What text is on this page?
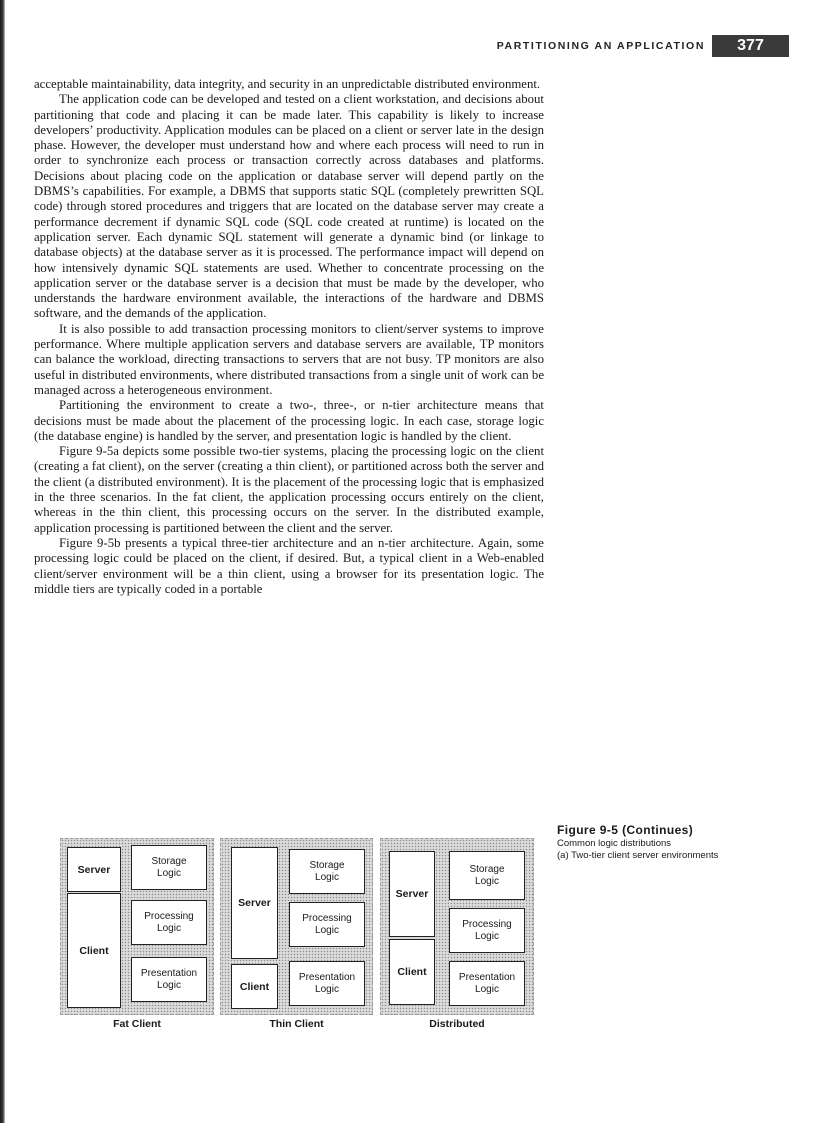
PARTITIONING AN APPLICATION	377

acceptable maintainability, data integrity, and security in an unpredictable distributed environment.

The application code can be developed and tested on a client workstation, and decisions about partitioning that code and placing it can be made later. This capability is likely to increase developers’ productivity. Application modules can be placed on a client or server late in the design phase. However, the developer must understand how and where each process will need to run in order to synchronize each process or transaction correctly across databases and platforms. Decisions about placing code on the application or database server will depend partly on the DBMS’s capabilities. For example, a DBMS that supports static SQL (completely prewritten SQL code) through stored procedures and triggers that are located on the database server may create a performance decrement if dynamic SQL code (SQL code created at runtime) is located on the application server. Each dynamic SQL statement will generate a dynamic bind (or linkage to database objects) at the database server as it is processed. The performance impact will depend on how intensively dynamic SQL statements are used. Whether to concentrate processing on the application server or the database server is a decision that must be made by the developer, who understands the hardware environment available, the interactions of the hardware and DBMS software, and the demands of the application.

It is also possible to add transaction processing monitors to client/server systems to improve performance. Where multiple application servers and database servers are available, TP monitors can balance the workload, directing transactions to servers that are not busy. TP monitors are also useful in distributed environments, where distributed transactions from a single unit of work can be managed across a heterogeneous environment.

Partitioning the environment to create a two-, three-, or n-tier architecture means that decisions must be made about the placement of the processing logic. In each case, storage logic (the database engine) is handled by the server, and presentation logic is handled by the client.

Figure 9-5a depicts some possible two-tier systems, placing the processing logic on the client (creating a fat client), on the server (creating a thin client), or partitioned across both the server and the client (a distributed environment). It is the placement of the processing logic that is emphasized in the three scenarios. In the fat client, the application processing occurs entirely on the client, whereas in the thin client, this processing occurs on the server. In the distributed example, application processing is partitioned between the client and the server.

Figure 9-5b presents a typical three-tier architecture and an n-tier architecture. Again, some processing logic could be placed on the client, if desired. But, a typical client in a Web-enabled client/server environment will be a thin client, using a browser for its presentation logic. The middle tiers are typically coded in a portable

Figure 9-5 (Continues)
Common logic distributions
(a) Two-tier client server environments
Server
Client
Storage
Logic
Processing
Logic
Presentation
Logic
Server
Client
Storage
Logic
Processing
Logic
Presentation
Logic
Server
Client
Storage
Logic
Processing
Logic
Presentation
Logic
Fat Client	Thin Client	Distributed
